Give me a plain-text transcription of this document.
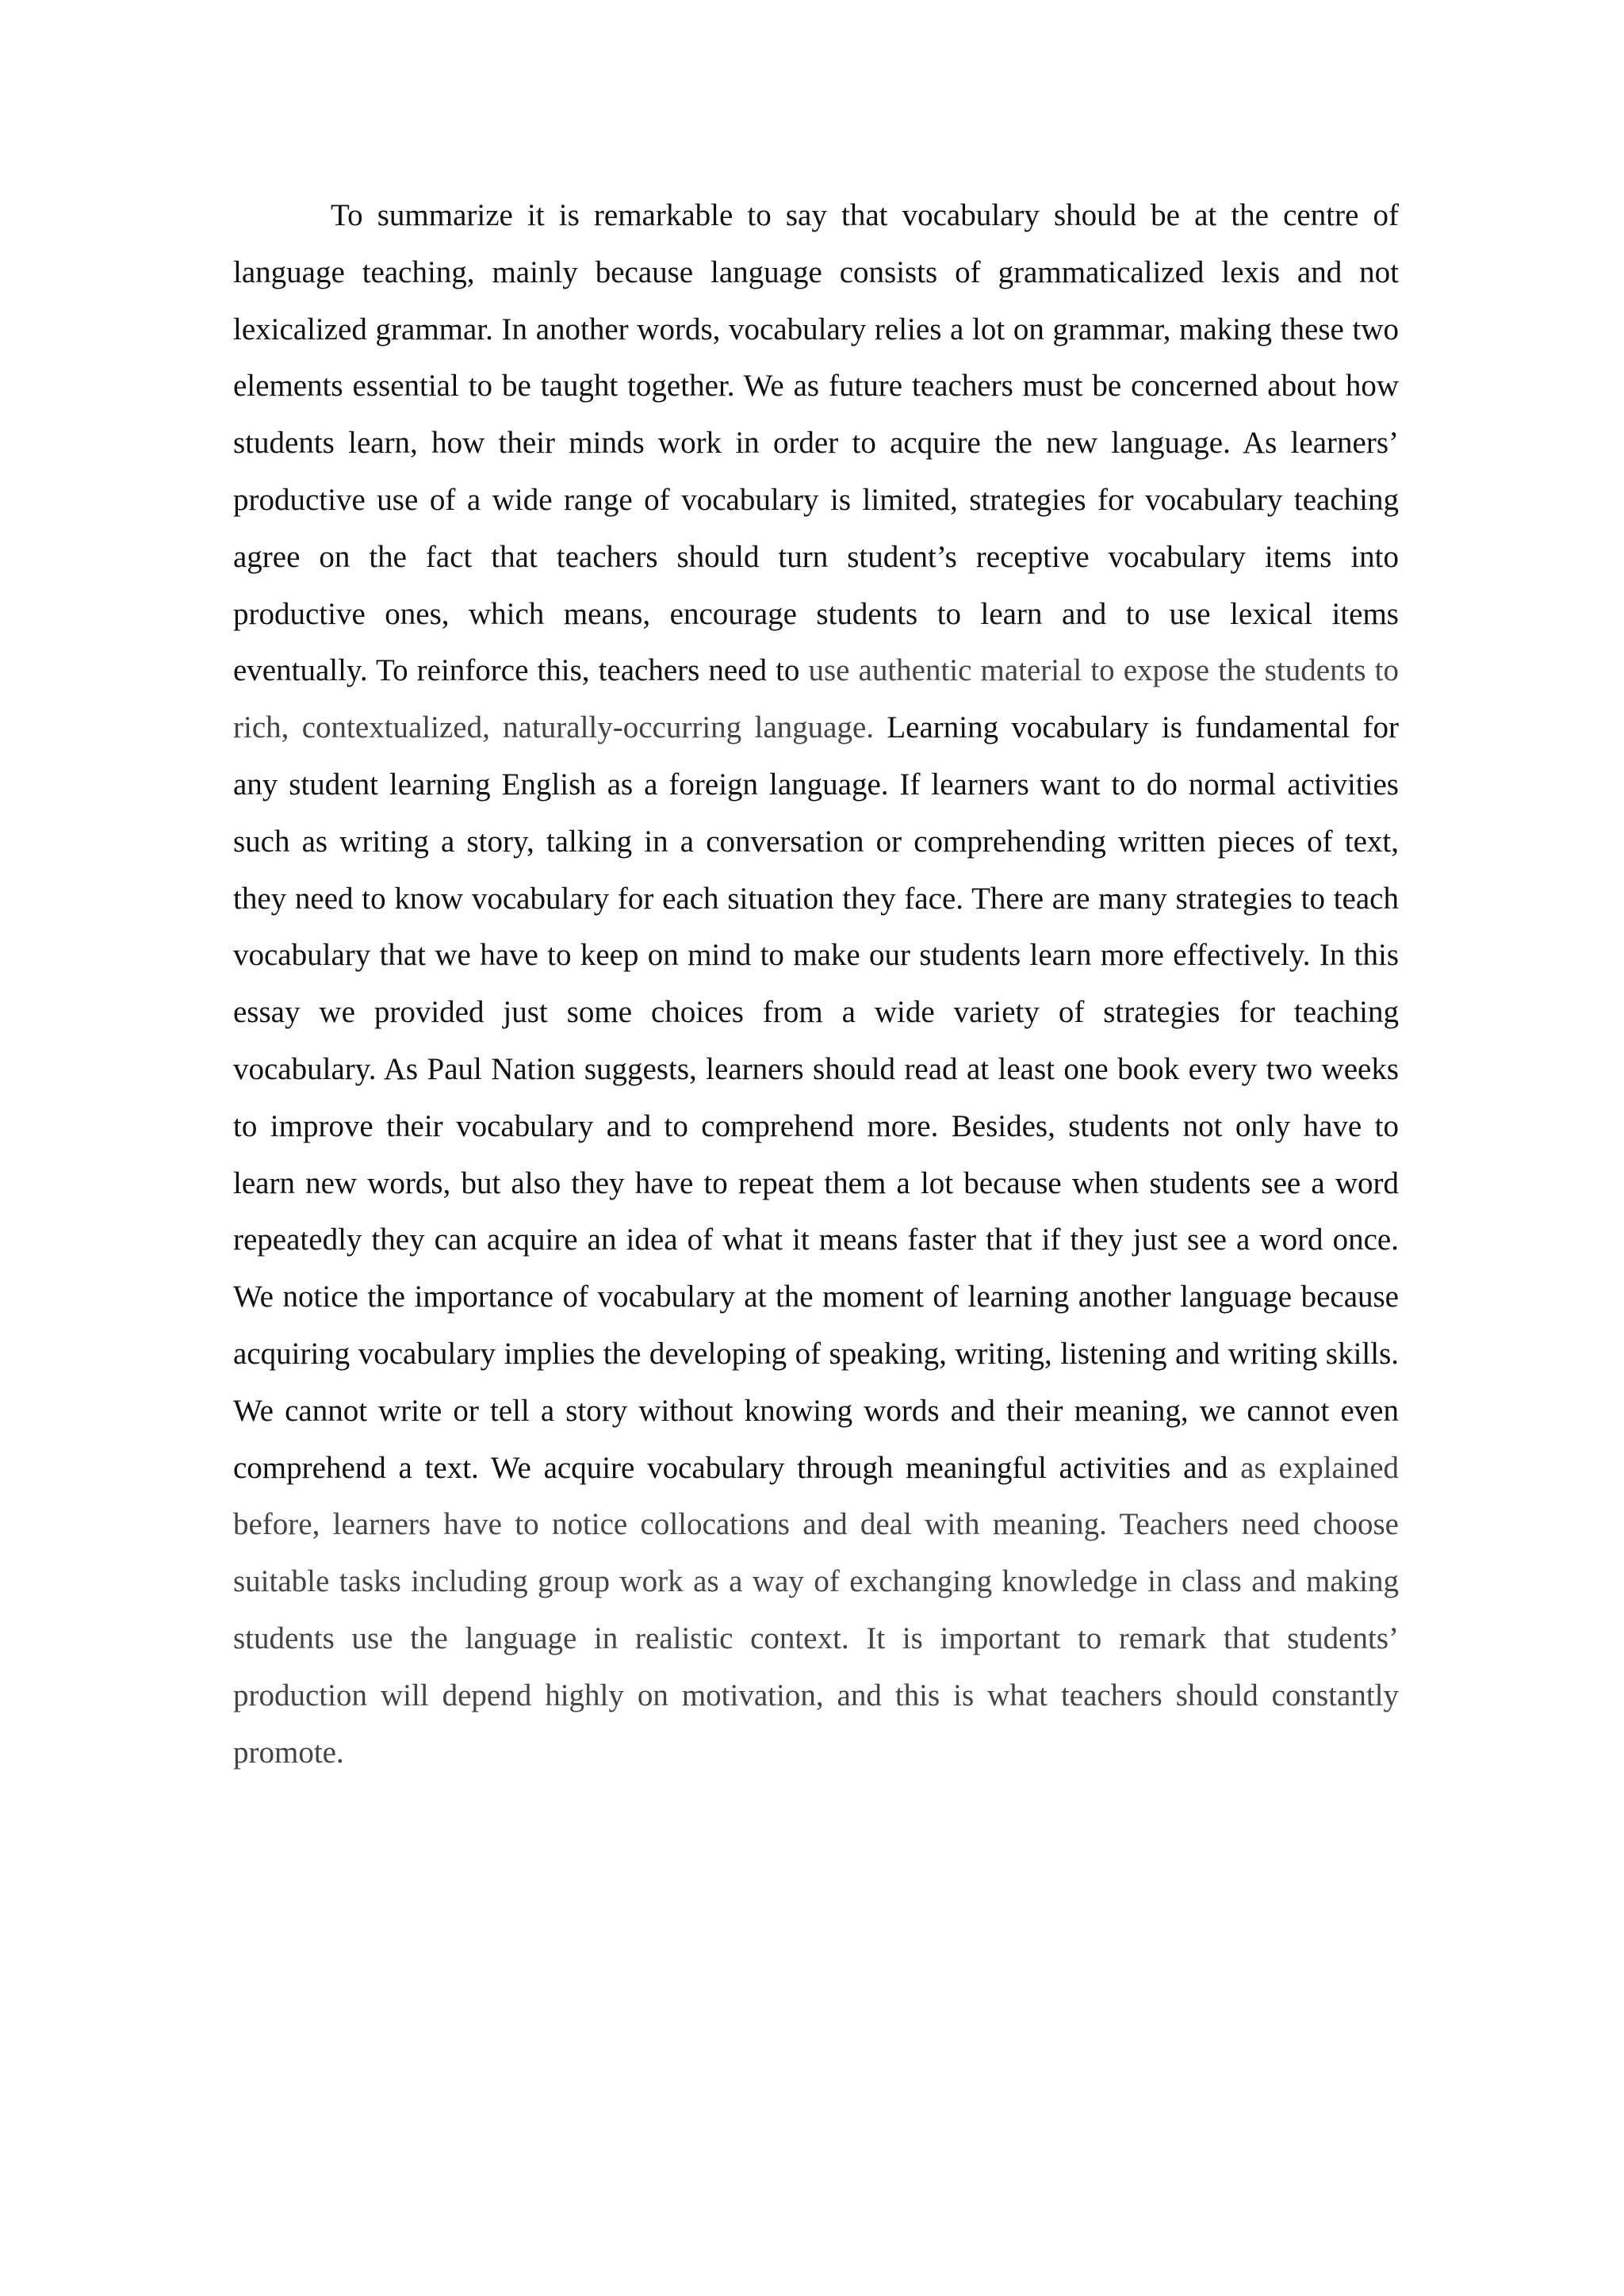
To summarize it is remarkable to say that vocabulary should be at the centre of language teaching, mainly because language consists of grammaticalized lexis and not lexicalized grammar. In another words, vocabulary relies a lot on grammar, making these two elements essential to be taught together. We as future teachers must be concerned about how students learn, how their minds work in order to acquire the new language. As learners’ productive use of a wide range of vocabulary is limited, strategies for vocabulary teaching agree on the fact that teachers should turn student’s receptive vocabulary items into productive ones, which means, encourage students to learn and to use lexical items eventually. To reinforce this, teachers need to use authentic material to expose the students to rich, contextualized, naturally-occurring language. Learning vocabulary is fundamental for any student learning English as a foreign language. If learners want to do normal activities such as writing a story, talking in a conversation or comprehending written pieces of text, they need to know vocabulary for each situation they face. There are many strategies to teach vocabulary that we have to keep on mind to make our students learn more effectively. In this essay we provided just some choices from a wide variety of strategies for teaching vocabulary. As Paul Nation suggests, learners should read at least one book every two weeks to improve their vocabulary and to comprehend more. Besides, students not only have to learn new words, but also they have to repeat them a lot because when students see a word repeatedly they can acquire an idea of what it means faster that if they just see a word once. We notice the importance of vocabulary at the moment of learning another language because acquiring vocabulary implies the developing of speaking, writing, listening and writing skills. We cannot write or tell a story without knowing words and their meaning, we cannot even comprehend a text. We acquire vocabulary through meaningful activities and as explained before, learners have to notice collocations and deal with meaning. Teachers need choose suitable tasks including group work as a way of exchanging knowledge in class and making students use the language in realistic context. It is important to remark that students’ production will depend highly on motivation, and this is what teachers should constantly promote.
